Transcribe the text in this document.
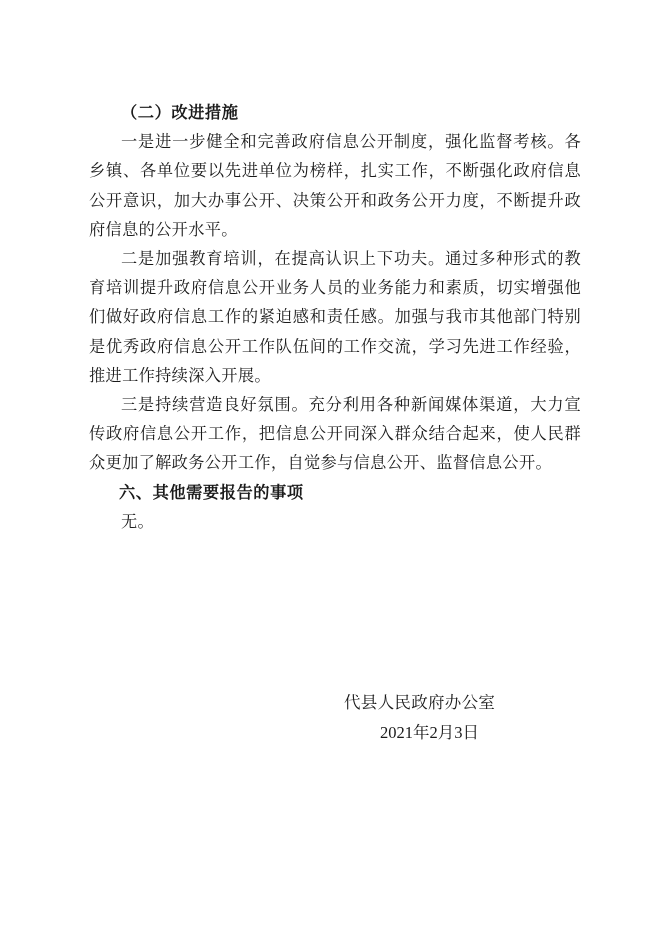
（二）改进措施

一是进一步健全和完善政府信息公开制度，强化监督考核。各乡镇、各单位要以先进单位为榜样，扎实工作，不断强化政府信息公开意识，加大办事公开、决策公开和政务公开力度，不断提升政府信息的公开水平。

二是加强教育培训，在提高认识上下功夫。通过多种形式的教育培训提升政府信息公开业务人员的业务能力和素质，切实增强他们做好政府信息工作的紧迫感和责任感。加强与我市其他部门特别是优秀政府信息公开工作队伍间的工作交流，学习先进工作经验，推进工作持续深入开展。

三是持续营造良好氛围。充分利用各种新闻媒体渠道，大力宣传政府信息公开工作，把信息公开同深入群众结合起来，使人民群众更加了解政务公开工作，自觉参与信息公开、监督信息公开。

六、其他需要报告的事项

无。

代县人民政府办公室

2021年2月3日
